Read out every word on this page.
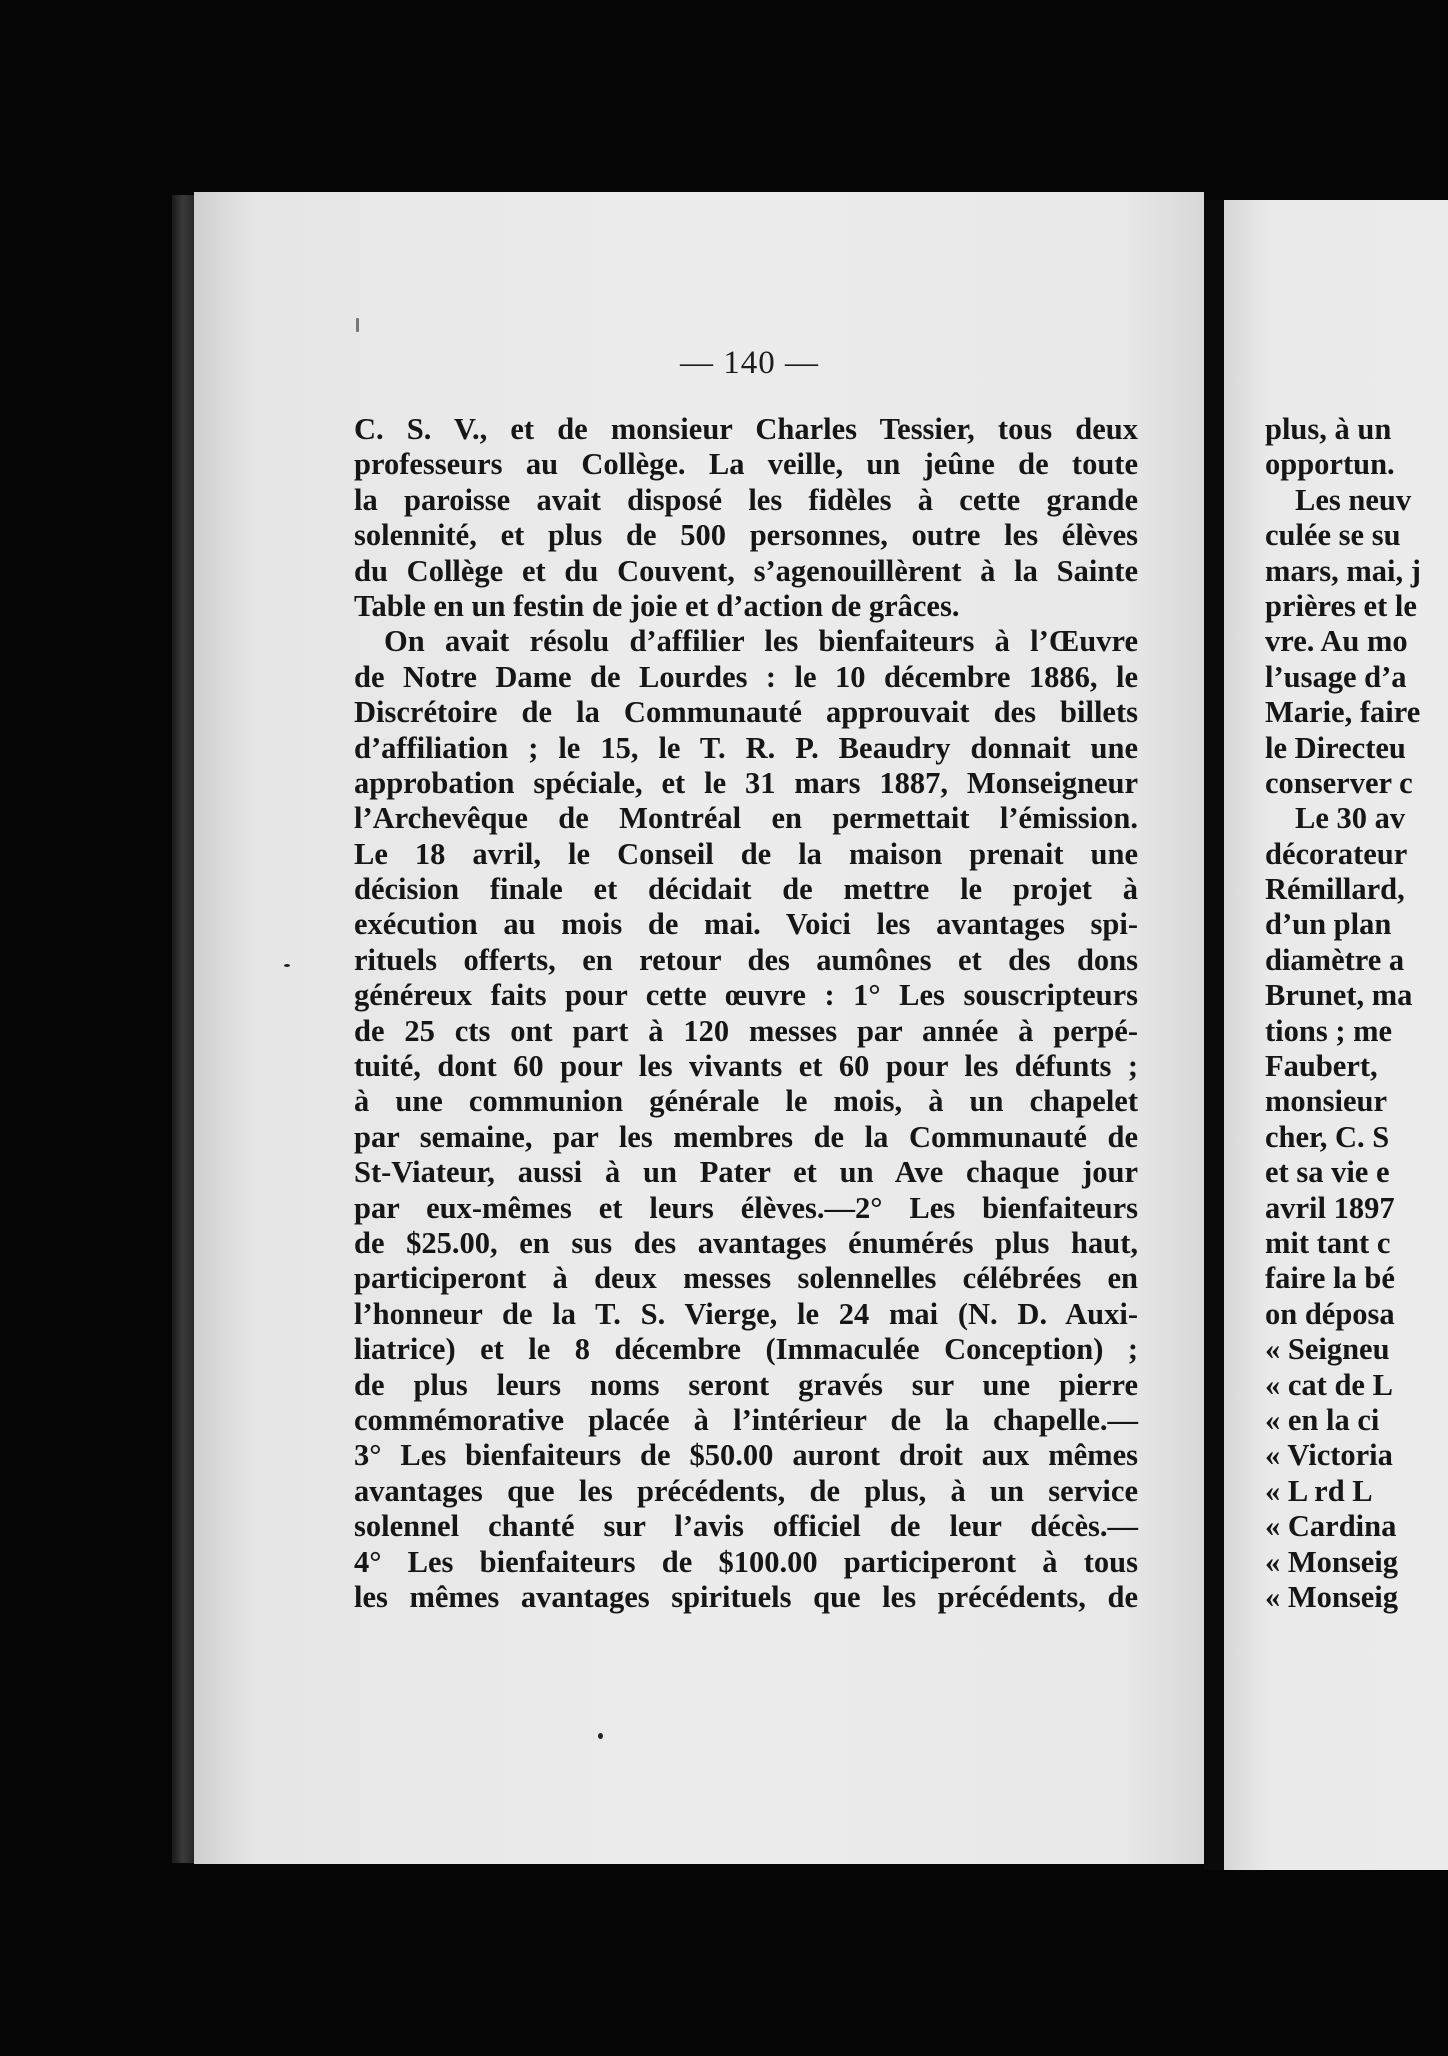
— 140 —
C. S. V., et de monsieur Charles Tessier, tous deux
professeurs au Collège. La veille, un jeûne de toute
la paroisse avait disposé les fidèles à cette grande
solennité, et plus de 500 personnes, outre les élèves
du Collège et du Couvent, s’agenouillèrent à la Sainte
Table en un festin de joie et d’action de grâces.
On avait résolu d’affilier les bienfaiteurs à l’Œuvre
de Notre Dame de Lourdes : le 10 décembre 1886, le
Discrétoire de la Communauté approuvait des billets
d’affiliation ; le 15, le T. R. P. Beaudry donnait une
approbation spéciale, et le 31 mars 1887, Monseigneur
l’Archevêque de Montréal en permettait l’émission.
Le 18 avril, le Conseil de la maison prenait une
décision finale et décidait de mettre le projet à
exécution au mois de mai. Voici les avantages spi-
rituels offerts, en retour des aumônes et des dons
généreux faits pour cette œuvre : 1° Les souscripteurs
de 25 cts ont part à 120 messes par année à perpé-
tuité, dont 60 pour les vivants et 60 pour les défunts ;
à une communion générale le mois, à un chapelet
par semaine, par les membres de la Communauté de
St-Viateur, aussi à un Pater et un Ave chaque jour
par eux-mêmes et leurs élèves.—2° Les bienfaiteurs
de $25.00, en sus des avantages énumérés plus haut,
participeront à deux messes solennelles célébrées en
l’honneur de la T. S. Vierge, le 24 mai (N. D. Auxi-
liatrice) et le 8 décembre (Immaculée Conception) ;
de plus leurs noms seront gravés sur une pierre
commémorative placée à l’intérieur de la chapelle.—
3° Les bienfaiteurs de $50.00 auront droit aux mêmes
avantages que les précédents, de plus, à un service
solennel chanté sur l’avis officiel de leur décès.—
4° Les bienfaiteurs de $100.00 participeront à tous
les mêmes avantages spirituels que les précédents, de
plus, à un
opportun.
Les neuv
culée se su
mars, mai, j
prières et le
vre. Au mo
l’usage d’a
Marie, faire
le Directeu
conserver c
Le 30 av
décorateur
Rémillard,
d’un plan
diamètre a
Brunet, ma
tions ; me
Faubert,
monsieur
cher, C. S
et sa vie e
avril 1897
mit tant c
faire la bé
on déposa
« Seigneu
« cat de L
« en la ci
« Victoria
« L rd L
« Cardina
« Monseig
« Monseig
